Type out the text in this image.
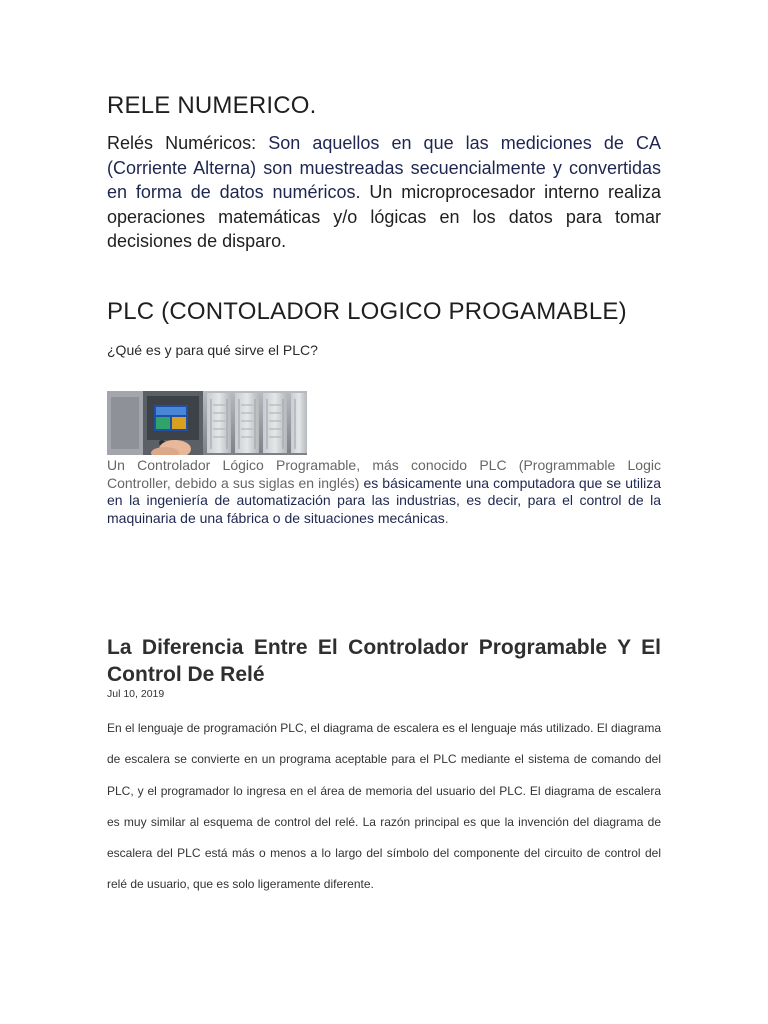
RELE NUMERICO.

Relés Numéricos: Son aquellos en que las mediciones de CA (Corriente Alterna) son muestreadas secuencialmente y convertidas en forma de datos numéricos. Un microprocesador interno realiza operaciones matemáticas y/o lógicas en los datos para tomar decisiones de disparo.

PLC (CONTOLADOR LOGICO PROGAMABLE)

¿Qué es y para qué sirve el PLC?

Un Controlador Lógico Programable, más conocido PLC (Programmable Logic Controller, debido a sus siglas en inglés) es básicamente una computadora que se utiliza en la ingeniería de automatización para las industrias, es decir, para el control de la maquinaria de una fábrica o de situaciones mecánicas.

La Diferencia Entre El Controlador Programable Y El Control De Relé

Jul 10, 2019

En el lenguaje de programación PLC, el diagrama de escalera es el lenguaje más utilizado. El diagrama de escalera se convierte en un programa aceptable para el PLC mediante el sistema de comando del PLC, y el programador lo ingresa en el área de memoria del usuario del PLC. El diagrama de escalera es muy similar al esquema de control del relé. La razón principal es que la invención del diagrama de escalera del PLC está más o menos a lo largo del símbolo del componente del circuito de control del relé de usuario, que es solo ligeramente diferente.
